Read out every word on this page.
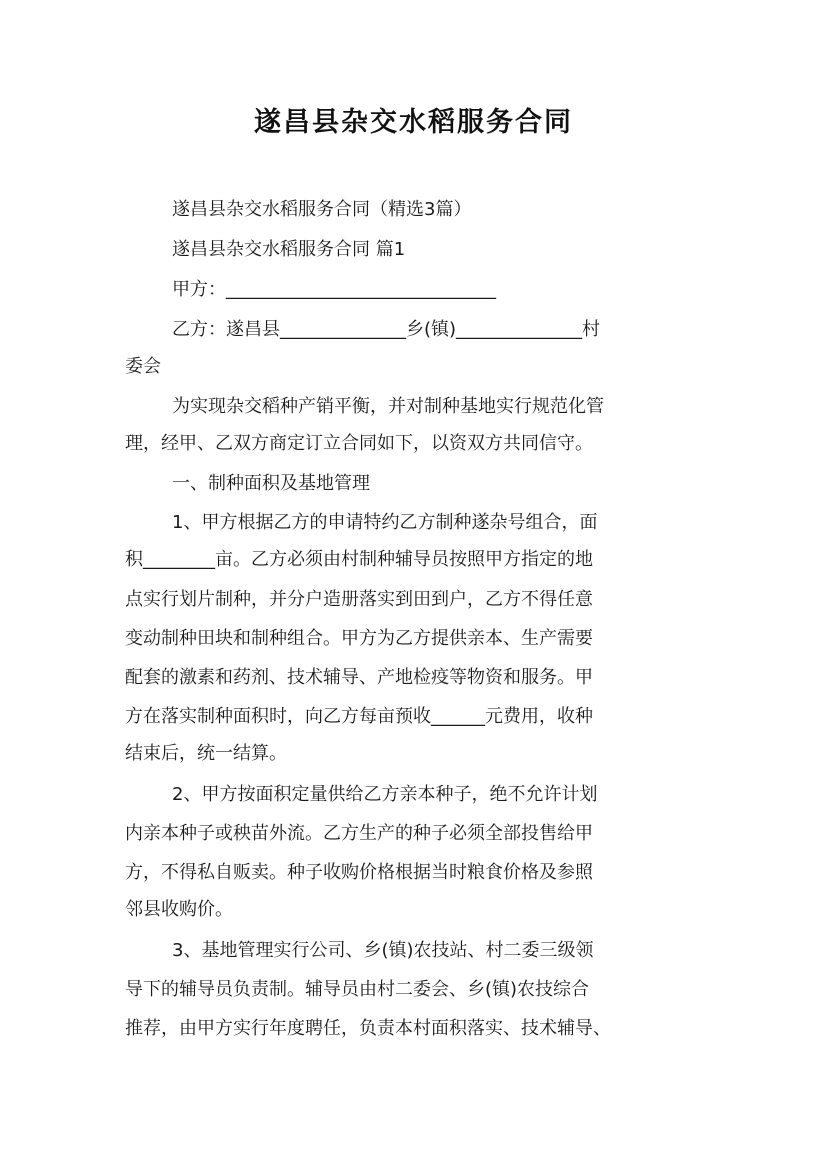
遂昌县杂交水稻服务合同
遂昌县杂交水稻服务合同（精选3篇）
遂昌县杂交水稻服务合同 篇1
甲方：______________________________
乙方：遂昌县______________乡(镇)______________村
委会
为实现杂交稻种产销平衡，并对制种基地实行规范化管
理，经甲、乙双方商定订立合同如下，以资双方共同信守。
一、制种面积及基地管理
1、甲方根据乙方的申请特约乙方制种遂杂号组合，面
积________亩。乙方必须由村制种辅导员按照甲方指定的地
点实行划片制种，并分户造册落实到田到户，乙方不得任意
变动制种田块和制种组合。甲方为乙方提供亲本、生产需要
配套的激素和药剂、技术辅导、产地检疫等物资和服务。甲
方在落实制种面积时，向乙方每亩预收______元费用，收种
结束后，统一结算。
2、甲方按面积定量供给乙方亲本种子，绝不允许计划
内亲本种子或秧苗外流。乙方生产的种子必须全部投售给甲
方，不得私自贩卖。种子收购价格根据当时粮食价格及参照
邻县收购价。
3、基地管理实行公司、乡(镇)农技站、村二委三级领
导下的辅导员负责制。辅导员由村二委会、乡(镇)农技综合
推荐，由甲方实行年度聘任，负责本村面积落实、技术辅导、
